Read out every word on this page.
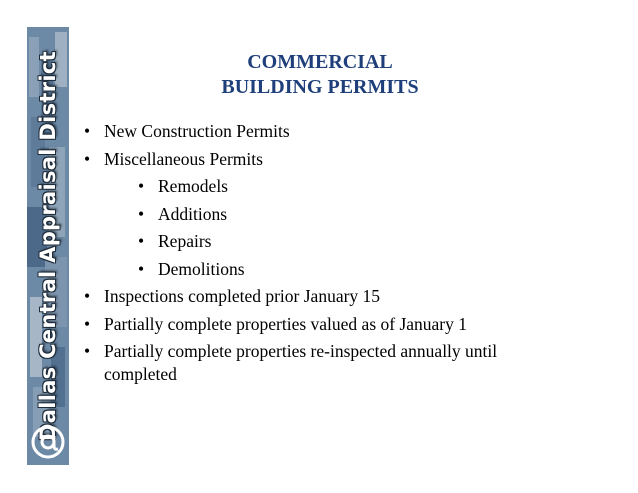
Dallas Central Appraisal District	COMMERCIAL
BUILDING PERMITS
• New Construction Permits
• Miscellaneous Permits
• Remodels
• Additions
• Repairs
• Demolitions
• Inspections completed prior January 15
• Partially complete properties valued as of January 1
• Partially complete properties re-inspected annually until completed
